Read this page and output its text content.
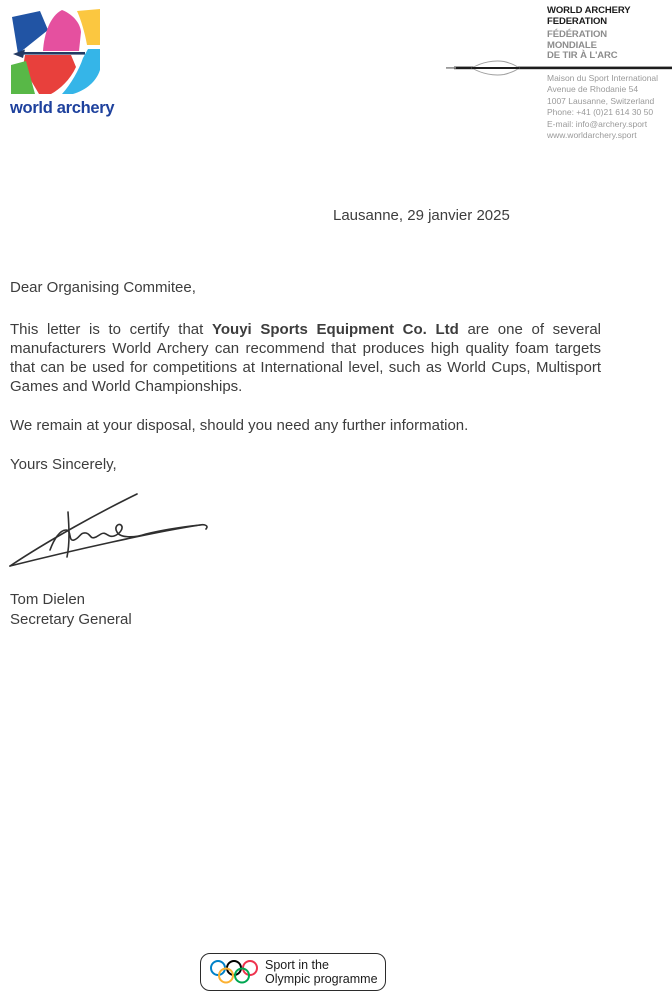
world archery
WORLD ARCHERY
FEDERATION
FÉDÉRATION
MONDIALE
DE TIR À L'ARC
Maison du Sport International
Avenue de Rhodanie 54
1007 Lausanne, Switzerland
Phone: +41 (0)21 614 30 50
E-mail: info@archery.sport
www.worldarchery.sport
Lausanne, 29 janvier 2025
Dear Organising Commitee,

This letter is to certify that Youyi Sports Equipment Co. Ltd are one of several manufacturers World Archery can recommend that produces high quality foam targets that can be used for competitions at International level, such as World Cups, Multisport Games and World Championships.

We remain at your disposal, should you need any further information.

Yours Sincerely,

Tom Dielen
Secretary General
Sport in the
Olympic programme
